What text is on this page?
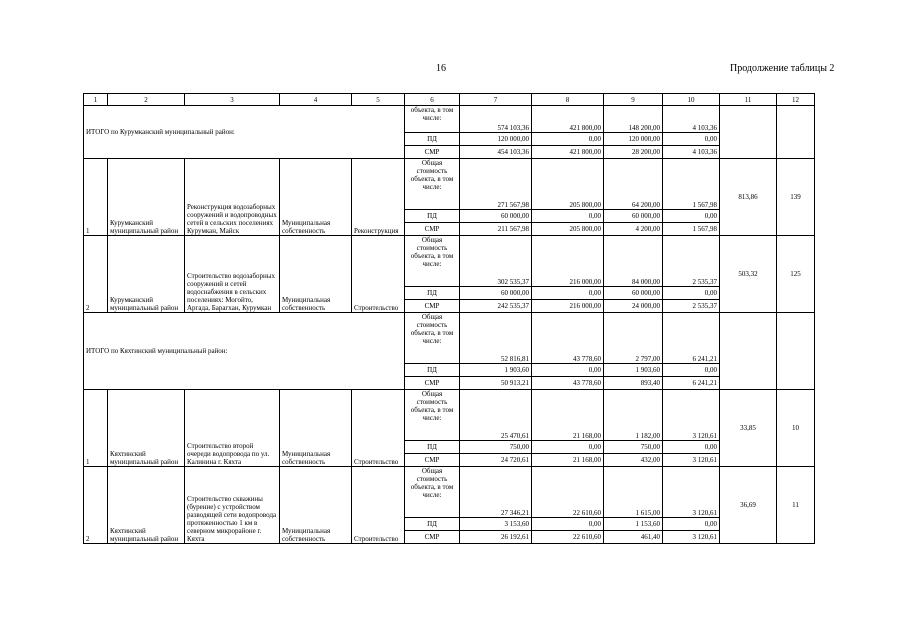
16	Продолжение таблицы 2
1	2	3	4	5	6	7	8	9	10	11	12
ИТОГО по Курумканский муниципальный район:					объекта, в том числе:	574 103,36	421 800,00	148 200,00	4 103,36		
					ПД	120 000,00	0,00	120 000,00	0,00		
					СМР	454 103,36	421 800,00	28 200,00	4 103,36		
1	Курумканский муниципальный район	Реконструкция водозаборных сооружений и водопроводных сетей в сельских поселениях Курумкан, Майск	Муниципальная собственность	Реконструкция	Общая стоимость объекта, в том числе:	271 567,98	205 800,00	64 200,00	1 567,98	813,86	139
					ПД	60 000,00	0,00	60 000,00	0,00		
					СМР	211 567,98	205 800,00	4 200,00	1 567,98		
2	Курумканский муниципальный район	Строительство водозаборных сооружений и сетей водоснабжения в сельских поселениях: Могойто, Аргада, Барагхан, Курумкан	Муниципальная собственность	Строительство	Общая стоимость объекта, в том числе:	302 535,37	216 000,00	84 000,00	2 535,37	503,32	125
					ПД	60 000,00	0,00	60 000,00	0,00		
					СМР	242 535,37	216 000,00	24 000,00	2 535,37		
ИТОГО по Кяхтинский муниципальный район:					Общая стоимость объекта, в том числе:	52 816,81	43 778,60	2 797,00	6 241,21		
					ПД	1 903,60	0,00	1 903,60	0,00		
					СМР	50 913,21	43 778,60	893,40	6 241,21		
1	Кяхтинский муниципальный район	Строительство второй очереди водопровода по ул. Калинина г. Кяхта	Муниципальная собственность	Строительство	Общая стоимость объекта, в том числе:	25 470,61	21 168,00	1 182,00	3 120,61	33,85	10
					ПД	750,00	0,00	750,00	0,00		
					СМР	24 720,61	21 168,00	432,00	3 120,61		
2	Кяхтинский муниципальный район	Строительство скважины (бурение) с устройством разводящей сети водопровода протяженностью 1 км в северном микрорайоне г. Кяхта	Муниципальная собственность	Строительство	Общая стоимость объекта, в том числе:	27 346,21	22 610,60	1 615,00	3 120,61	36,69	11
					ПД	3 153,60	0,00	1 153,60	0,00		
					СМР	26 192,61	22 610,60	461,40	3 120,61		
